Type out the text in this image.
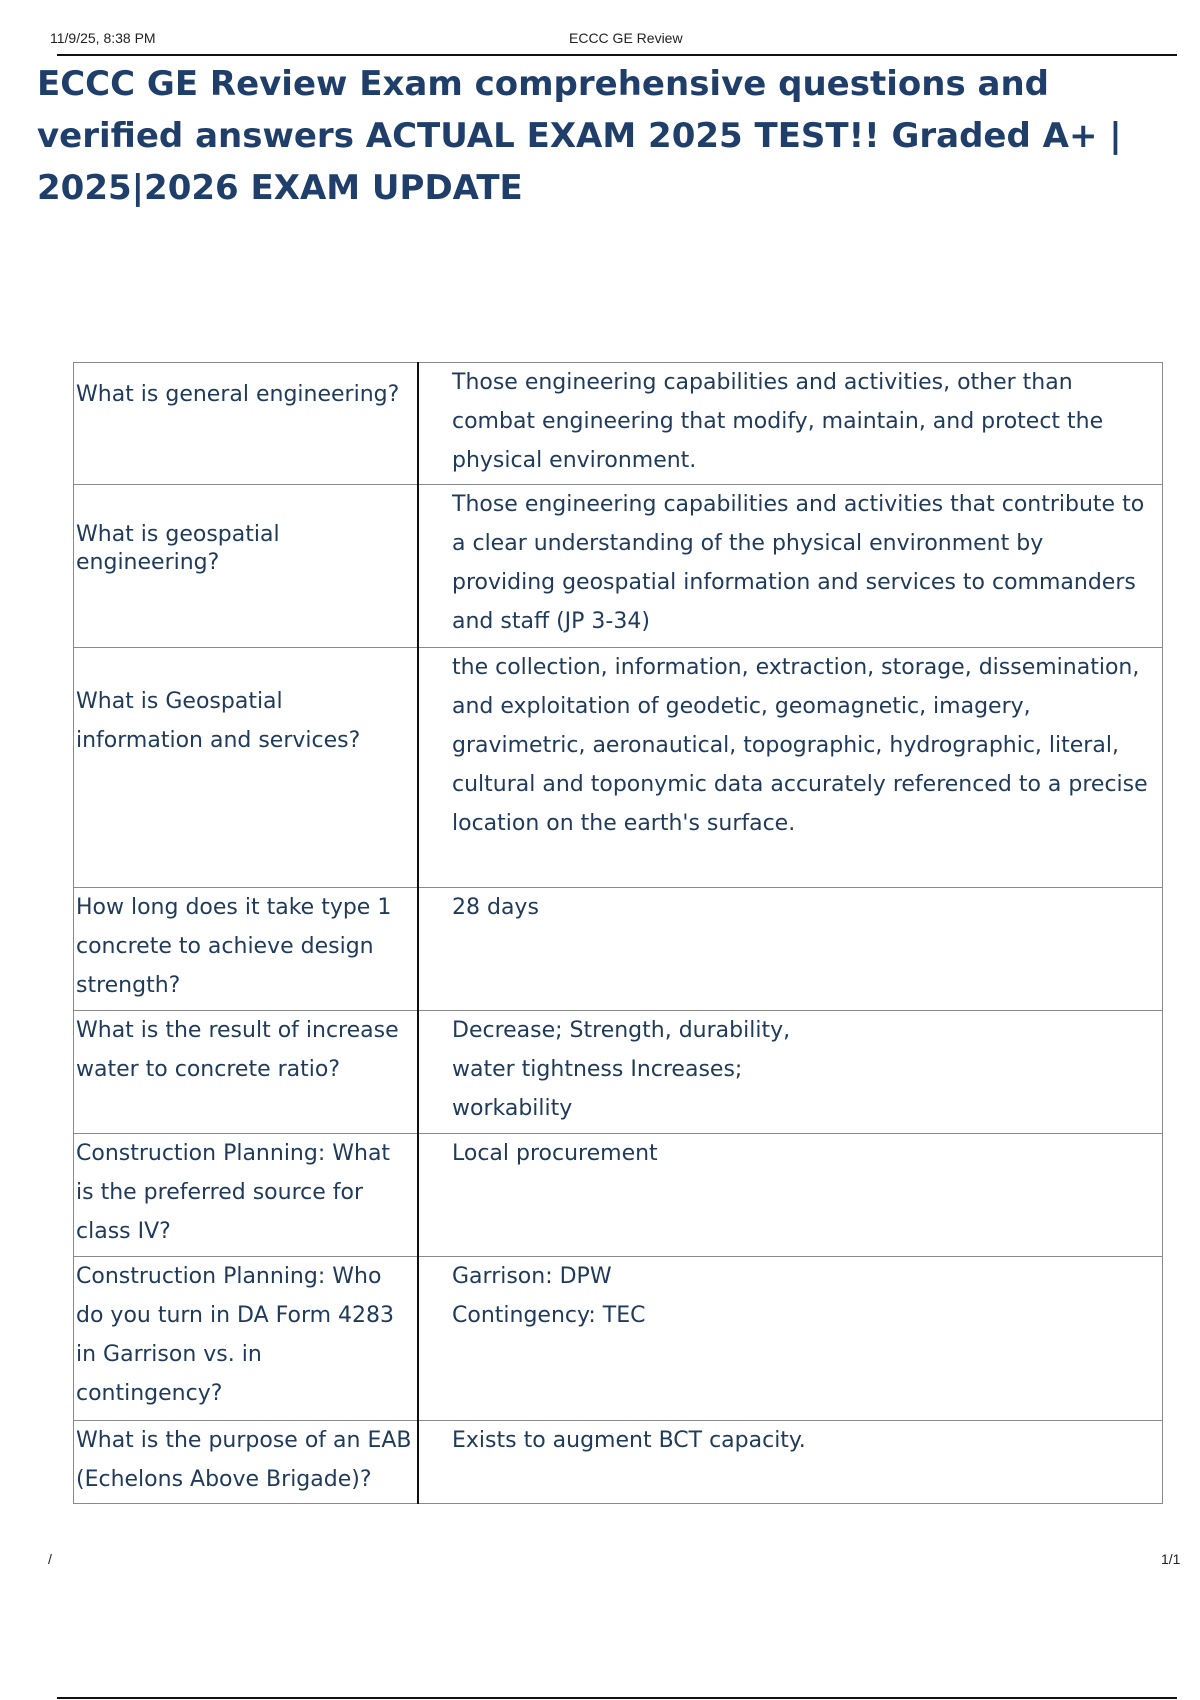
11/9/25, 8:38 PM	ECCC GE Review
ECCC GE Review Exam comprehensive questions and verified answers ACTUAL EXAM 2025 TEST!! Graded A+ | 2025|2026 EXAM UPDATE
What is general engineering?	Those engineering capabilities and activities, other than combat engineering that modify, maintain, and protect the physical environment.
What is geospatial engineering?	Those engineering capabilities and activities that contribute to a clear understanding of the physical environment by providing geospatial information and services to commanders and staff (JP 3-34)
What is Geospatial information and services?	the collection, information, extraction, storage, dissemination, and exploitation of geodetic, geomagnetic, imagery, gravimetric, aeronautical, topographic, hydrographic, literal, cultural and toponymic data accurately referenced to a precise location on the earth's surface.
How long does it take type 1 concrete to achieve design strength?	28 days
What is the result of increase water to concrete ratio?	Decrease; Strength, durability,
water tightness Increases;
workability

Construction Planning: What is the preferred source for class IV?	Local procurement
Construction Planning: Who do you turn in DA Form 4283 in Garrison vs. in contingency?	Garrison: DPW
Contingency: TEC

What is the purpose of an EAB (Echelons Above Brigade)?	Exists to augment BCT capacity.
/	1/1
